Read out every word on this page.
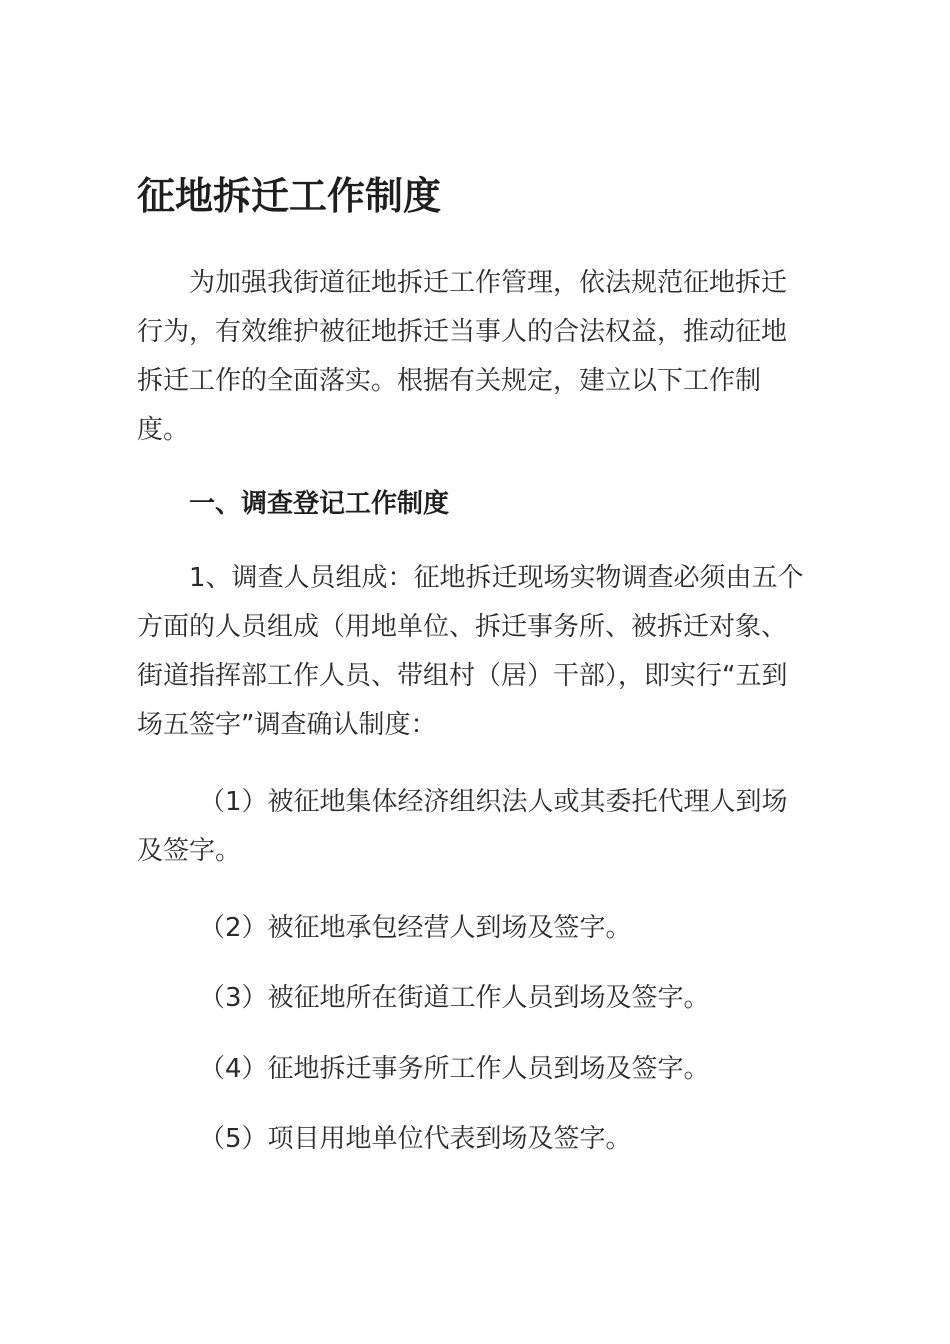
征地拆迁工作制度

为加强我街道征地拆迁工作管理，依法规范征地拆迁行为，有效维护被征地拆迁当事人的合法权益，推动征地拆迁工作的全面落实。根据有关规定，建立以下工作制度。

一、调查登记工作制度

1、调查人员组成：征地拆迁现场实物调查必须由五个方面的人员组成（用地单位、拆迁事务所、被拆迁对象、街道指挥部工作人员、带组村（居）干部），即实行“五到场五签字”调查确认制度：

（1）被征地集体经济组织法人或其委托代理人到场及签字。

（2）被征地承包经营人到场及签字。

（3）被征地所在街道工作人员到场及签字。

（4）征地拆迁事务所工作人员到场及签字。

（5）项目用地单位代表到场及签字。
